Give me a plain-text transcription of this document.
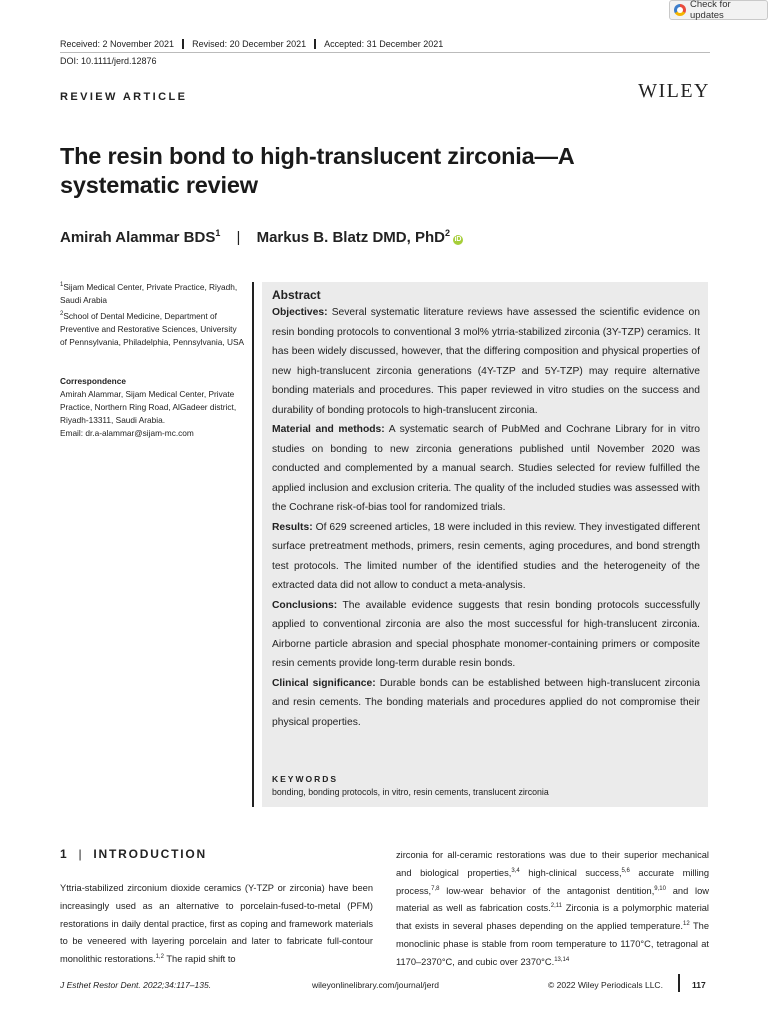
Check for updates
Received: 2 November 2021	Revised: 20 December 2021	Accepted: 31 December 2021
DOI: 10.1111/jerd.12876
REVIEW ARTICLE	WILEY
The resin bond to high-translucent zirconia—A systematic review
Amirah Alammar BDS$^1$ | Markus B. Blatz DMD, PhD$^2$iD
$^1$Sijam Medical Center, Private Practice, Riyadh, Saudi Arabia
$^2$School of Dental Medicine, Department of Preventive and Restorative Sciences, University of Pennsylvania, Philadelphia, Pennsylvania, USA
Correspondence
Amirah Alammar, Sijam Medical Center, Private Practice, Northern Ring Road, AlGadeer district, Riyadh-13311, Saudi Arabia.
Email: dr.a-alammar@sijam-mc.com
Abstract

Objectives: Several systematic literature reviews have assessed the scientific evidence on resin bonding protocols to conventional 3 mol% ytrria-stabilized zirconia (3Y-TZP) ceramics. It has been widely discussed, however, that the differing composition and physical properties of new high-translucent zirconia generations (4Y-TZP and 5Y-TZP) may require alternative bonding materials and procedures. This paper reviewed in vitro studies on the success and durability of bonding protocols to high-translucent zirconia.

Material and methods: A systematic search of PubMed and Cochrane Library for in vitro studies on bonding to new zirconia generations published until November 2020 was conducted and complemented by a manual search. Studies selected for review fulfilled the applied inclusion and exclusion criteria. The quality of the included studies was assessed with the Cochrane risk-of-bias tool for randomized trials.

Results: Of 629 screened articles, 18 were included in this review. They investigated different surface pretreatment methods, primers, resin cements, aging procedures, and bond strength test protocols. The limited number of the identified studies and the heterogeneity of the extracted data did not allow to conduct a meta-analysis.

Conclusions: The available evidence suggests that resin bonding protocols successfully applied to conventional zirconia are also the most successful for high-translucent zirconia. Airborne particle abrasion and special phosphate monomer-containing primers or composite resin cements provide long-term durable resin bonds.

Clinical significance: Durable bonds can be established between high-translucent zirconia and resin cements. The bonding materials and procedures applied do not compromise their physical properties.

KEYWORDS
bonding, bonding protocols, in vitro, resin cements, translucent zirconia
1 | INTRODUCTION
Yttria-stabilized zirconium dioxide ceramics (Y-TZP or zirconia) have been increasingly used as an alternative to porcelain-fused-to-metal (PFM) restorations in daily dental practice, first as coping and framework materials to be veneered with layering porcelain and later to fabricate full-contour monolithic restorations.$^{1,2}$ The rapid shift to
zirconia for all-ceramic restorations was due to their superior mechanical and biological properties,$^{3,4}$ high-clinical success,$^{5,6}$ accurate milling process,$^{7,8}$ low-wear behavior of the antagonist dentition,$^{9,10}$ and low material as well as fabrication costs.$^{2,11}$ Zirconia is a polymorphic material that exists in several phases depending on the applied temperature.$^{12}$ The monoclinic phase is stable from room temperature to 1170°C, tetragonal at 1170–2370°C, and cubic over 2370°C.$^{13,14}$
J Esthet Restor Dent. 2022;34:117–135.	wileyonlinelibrary.com/journal/jerd	© 2022 Wiley Periodicals LLC.	117
